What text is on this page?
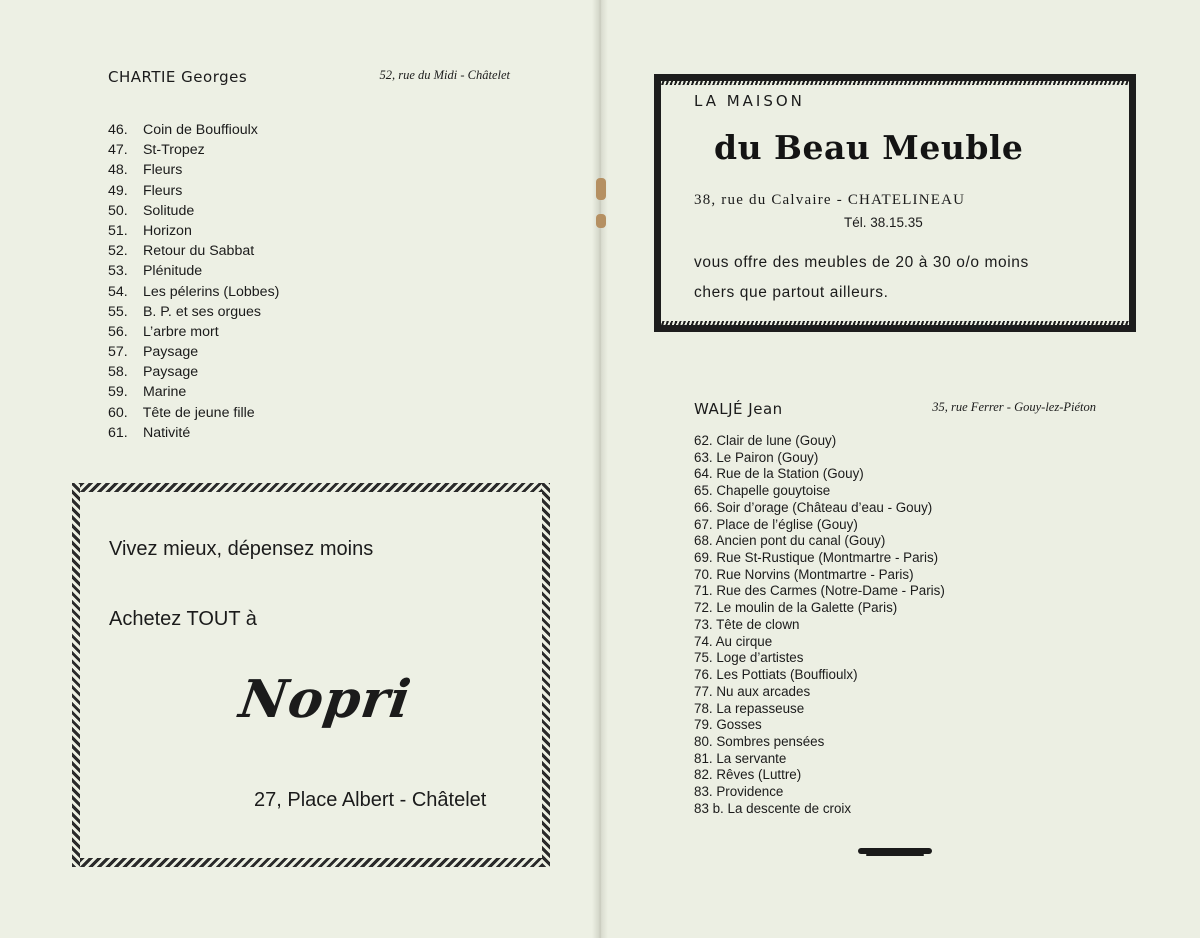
CHARTIE Georges	52, rue du Midi - Châtelet
46. Coin de Bouffioulx
47. St-Tropez
48. Fleurs
49. Fleurs
50. Solitude
51. Horizon
52. Retour du Sabbat
53. Plénitude
54. Les pélerins (Lobbes)
55. B. P. et ses orgues
56. L’arbre mort
57. Paysage
58. Paysage
59. Marine
60. Tête de jeune fille
61. Nativité
Vivez mieux, dépensez moins
Achetez TOUT à
Nopri
27, Place Albert - Châtelet
LA MAISON
du Beau Meuble
38, rue du Calvaire - CHATELINEAU
Tél. 38.15.35
vous offre des meubles de 20 à 30 o/o moins
chers que partout ailleurs.
WALJÉ Jean	35, rue Ferrer - Gouy-lez-Piéton
62. Clair de lune (Gouy)
63. Le Pairon (Gouy)
64. Rue de la Station (Gouy)
65. Chapelle gouytoise
66. Soir d’orage (Château d’eau - Gouy)
67. Place de l’église (Gouy)
68. Ancien pont du canal (Gouy)
69. Rue St-Rustique (Montmartre - Paris)
70. Rue Norvins (Montmartre - Paris)
71. Rue des Carmes (Notre-Dame - Paris)
72. Le moulin de la Galette (Paris)
73. Tête de clown
74. Au cirque
75. Loge d’artistes
76. Les Pottiats (Bouffioulx)
77. Nu aux arcades
78. La repasseuse
79. Gosses
80. Sombres pensées
81. La servante
82. Rêves (Luttre)
83. Providence
83 b. La descente de croix
